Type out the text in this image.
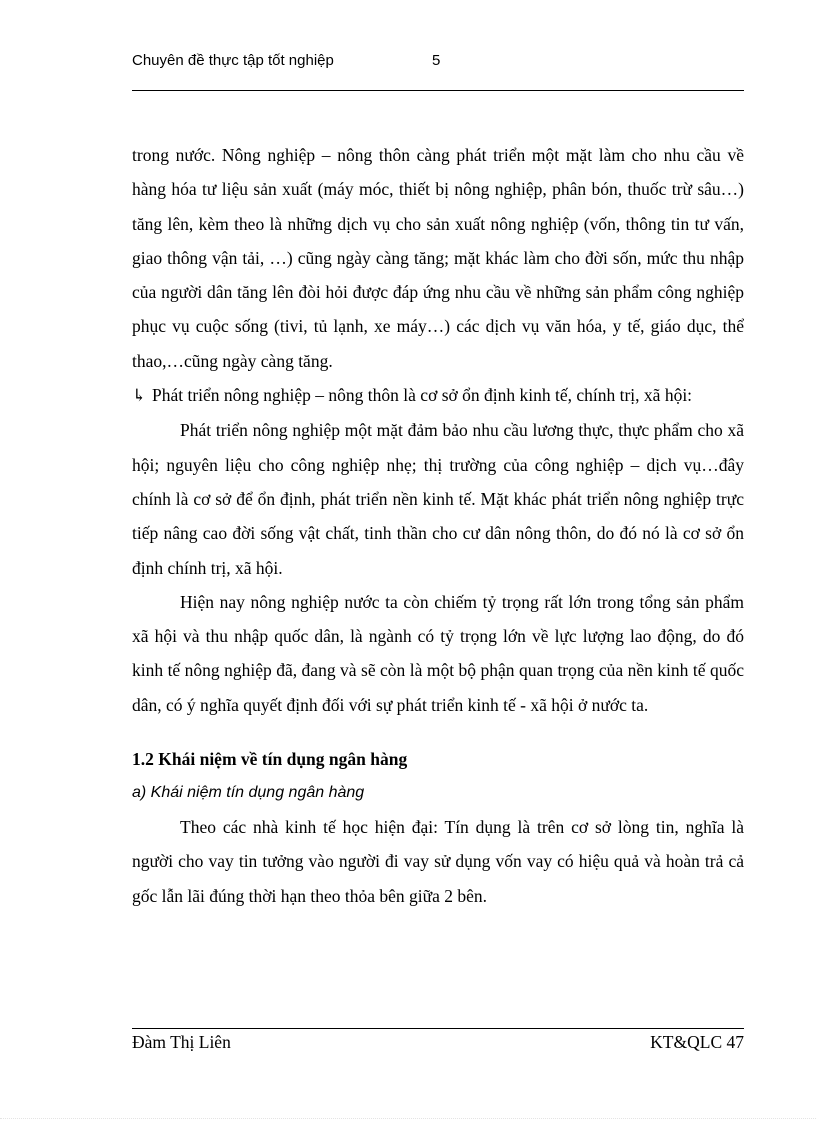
Chuyên đề thực tập tốt nghiệp	5

trong nước. Nông nghiệp – nông thôn càng phát triển một mặt làm cho nhu cầu về hàng hóa tư liệu sản xuất (máy móc, thiết bị nông nghiệp, phân bón, thuốc trừ sâu…) tăng lên, kèm theo là những dịch vụ cho sản xuất nông nghiệp (vốn, thông tin tư vấn, giao thông vận tải, …) cũng ngày càng tăng; mặt khác làm cho đời sốn, mức thu nhập của người dân tăng lên đòi hỏi được đáp ứng nhu cầu về những sản phẩm công nghiệp phục vụ cuộc sống (tivi, tủ lạnh, xe máy…) các dịch vụ văn hóa, y tế, giáo dục, thể thao,…cũng ngày càng tăng.

↳ Phát triển nông nghiệp – nông thôn là cơ sở ổn định kinh tế, chính trị, xã hội:

Phát triển nông nghiệp một mặt đảm bảo nhu cầu lương thực, thực phẩm cho xã hội; nguyên liệu cho công nghiệp nhẹ; thị trường của công nghiệp – dịch vụ…đây chính là cơ sở để ổn định, phát triển nền kinh tế. Mặt khác phát triển nông nghiệp trực tiếp nâng cao đời sống vật chất, tinh thần cho cư dân nông thôn, do đó nó là cơ sở ổn định chính trị, xã hội.

Hiện nay nông nghiệp nước ta còn chiếm tỷ trọng rất lớn trong tổng sản phẩm xã hội và thu nhập quốc dân, là ngành có tỷ trọng lớn về lực lượng lao động, do đó kinh tế nông nghiệp đã, đang và sẽ còn là một bộ phận quan trọng của nền kinh tế quốc dân, có ý nghĩa quyết định đối với sự phát triển kinh tế - xã hội ở nước ta.

1.2 Khái niệm về tín dụng ngân hàng

a) Khái niệm tín dụng ngân hàng

Theo các nhà kinh tế học hiện đại: Tín dụng là trên cơ sở lòng tin, nghĩa là người cho vay tin tưởng vào người đi vay sử dụng vốn vay có hiệu quả và hoàn trả cả gốc lẫn lãi đúng thời hạn theo thỏa bên giữa 2 bên.

Đàm Thị Liên	KT&QLC 47
